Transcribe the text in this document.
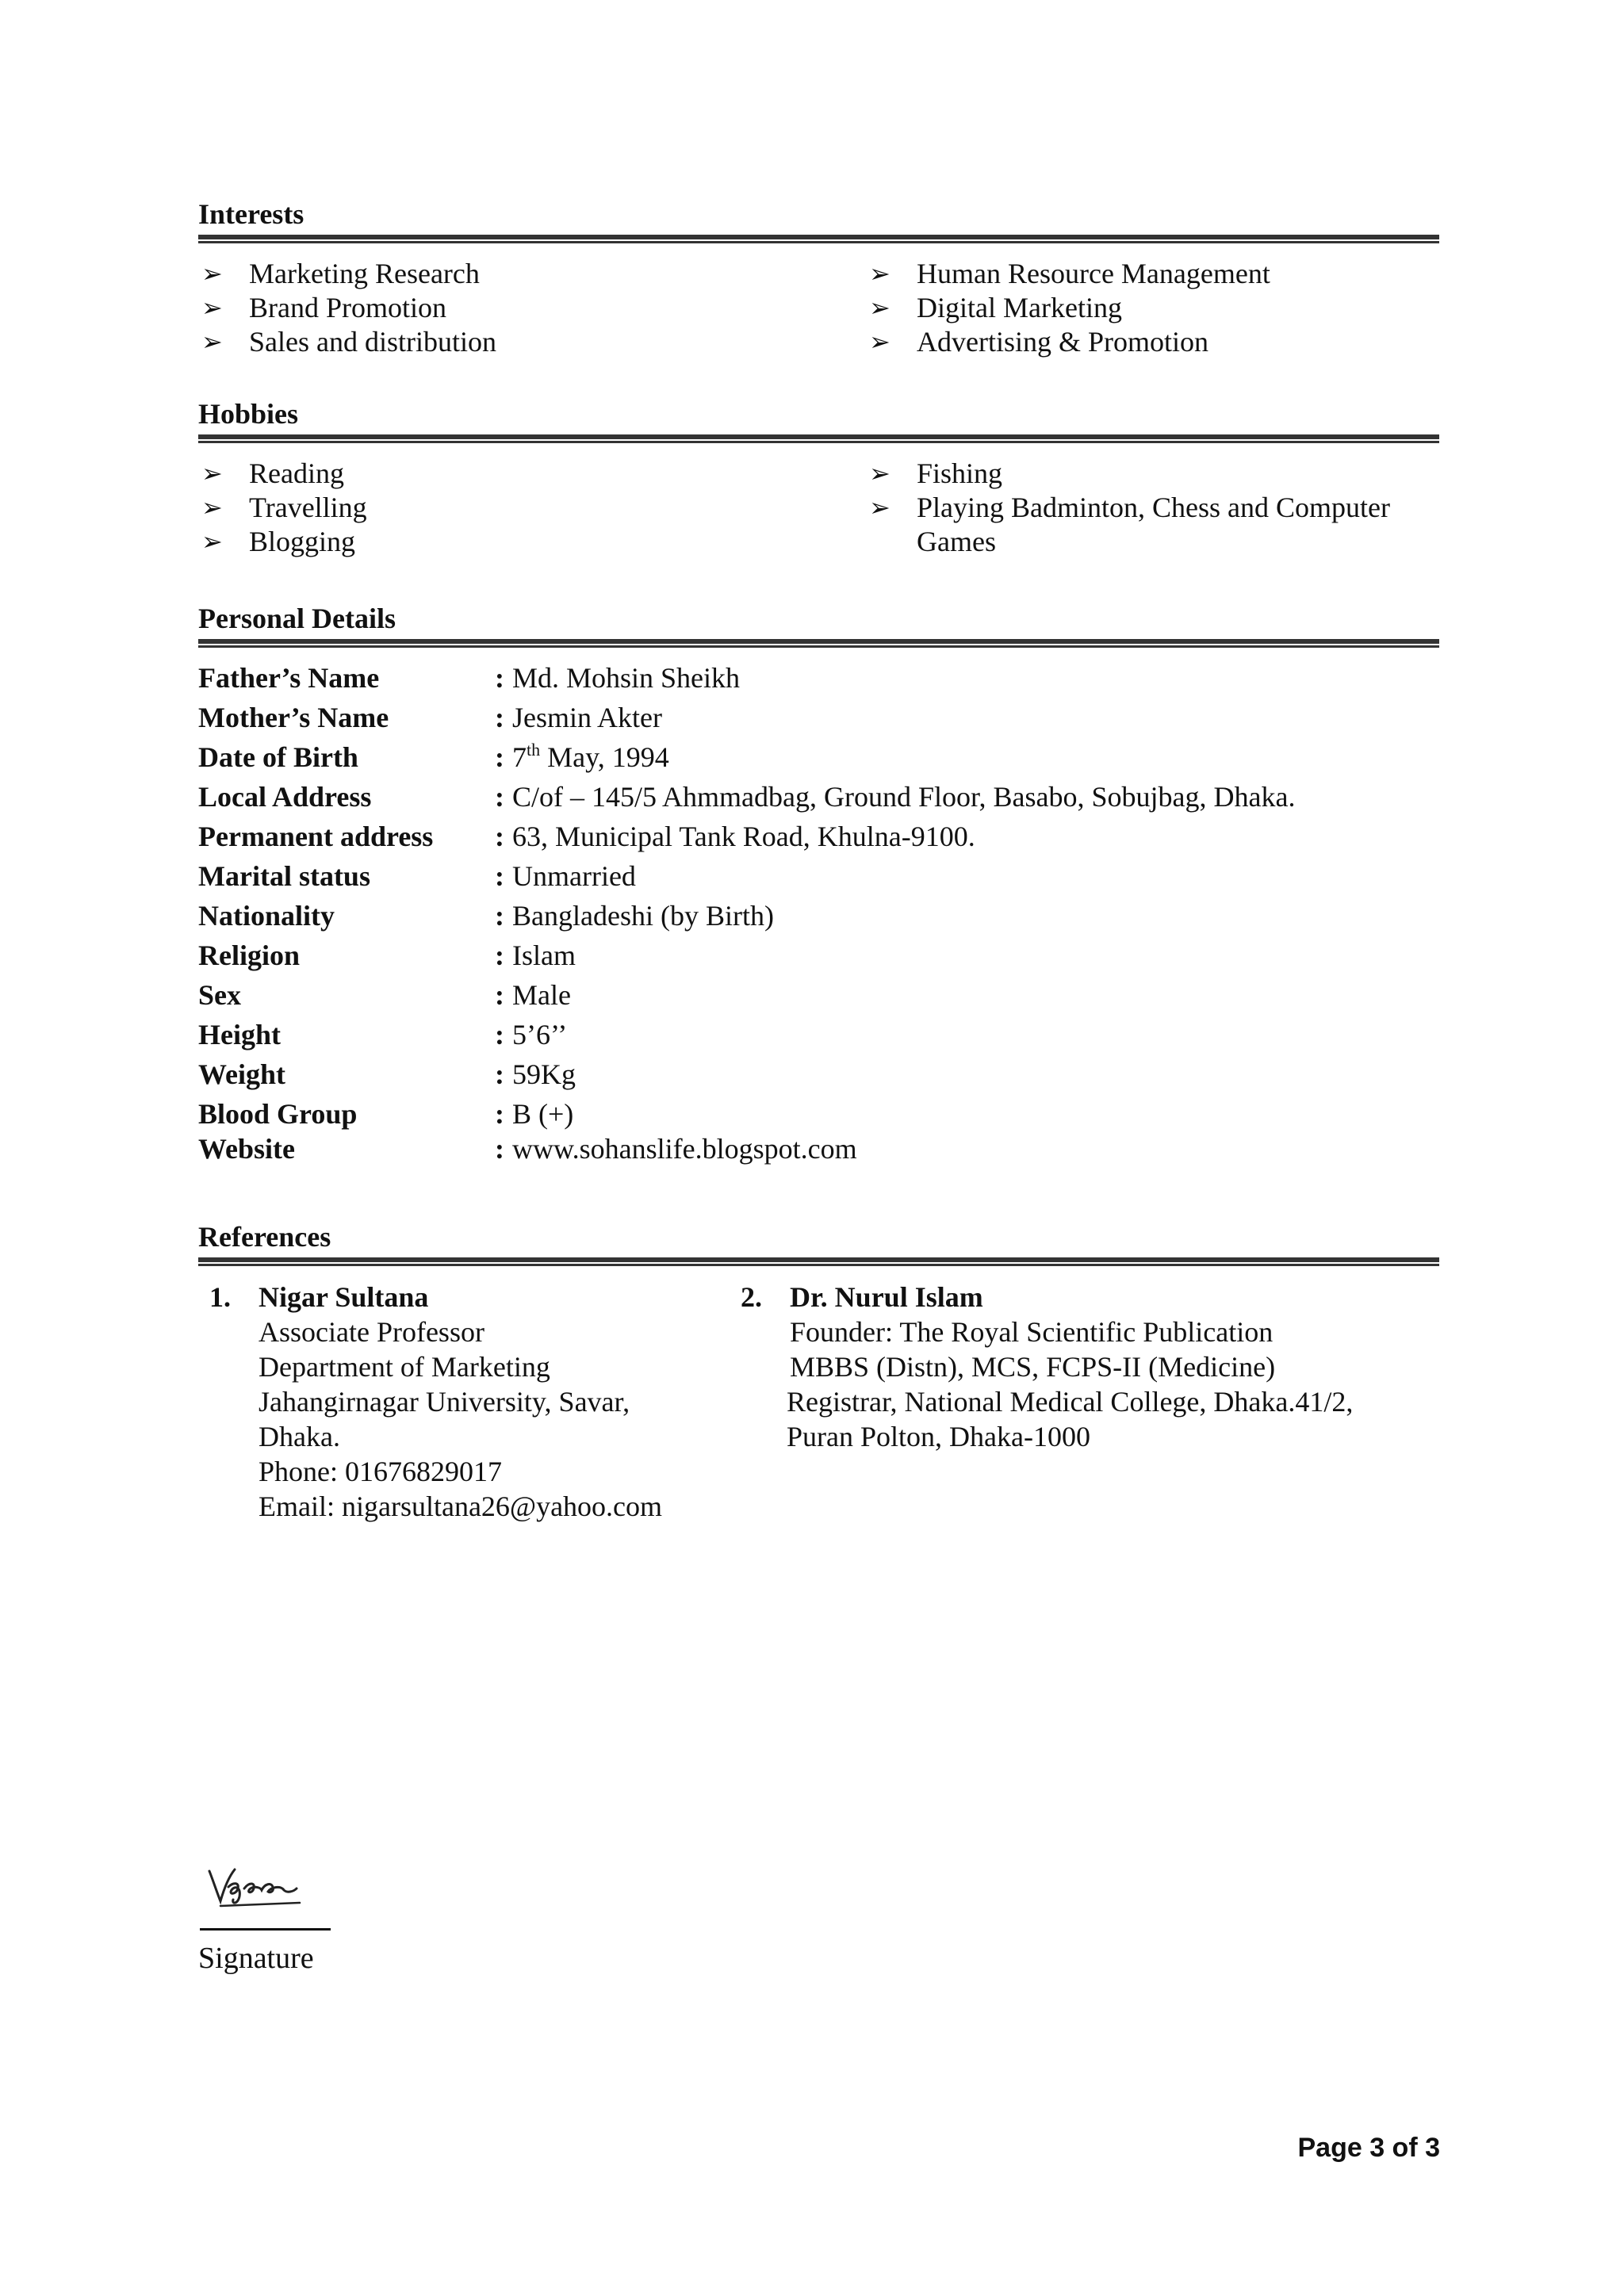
Interests
➢ Marketing Research
➢ Brand Promotion
➢ Sales and distribution
➢ Human Resource Management
➢ Digital Marketing
➢ Advertising & Promotion
Hobbies
➢ Reading
➢ Travelling
➢ Blogging
➢ Fishing
➢ Playing Badminton, Chess and Computer
Games
Personal Details
Father’s Name	: Md. Mohsin Sheikh
Mother’s Name	: Jesmin Akter
Date of Birth	: 7th May, 1994
Local Address	: C/of – 145/5 Ahmmadbag, Ground Floor, Basabo, Sobujbag, Dhaka.
Permanent address : 63, Municipal Tank Road, Khulna-9100.
Marital status	: Unmarried
Nationality	: Bangladeshi (by Birth)
Religion	: Islam
Sex	: Male
Height	: 5’6’’
Weight	: 59Kg
Blood Group	: B (+)
Website	: www.sohanslife.blogspot.com
References
1. Nigar Sultana
Associate Professor
Department of Marketing
Jahangirnagar University, Savar,
Dhaka.
Phone: 01676829017
Email: nigarsultana26@yahoo.com
2. Dr. Nurul Islam
Founder: The Royal Scientific Publication
MBBS (Distn), MCS, FCPS-II (Medicine)
Registrar, National Medical College, Dhaka.41/2,
Puran Polton, Dhaka-1000
Signature
Page 3 of 3
